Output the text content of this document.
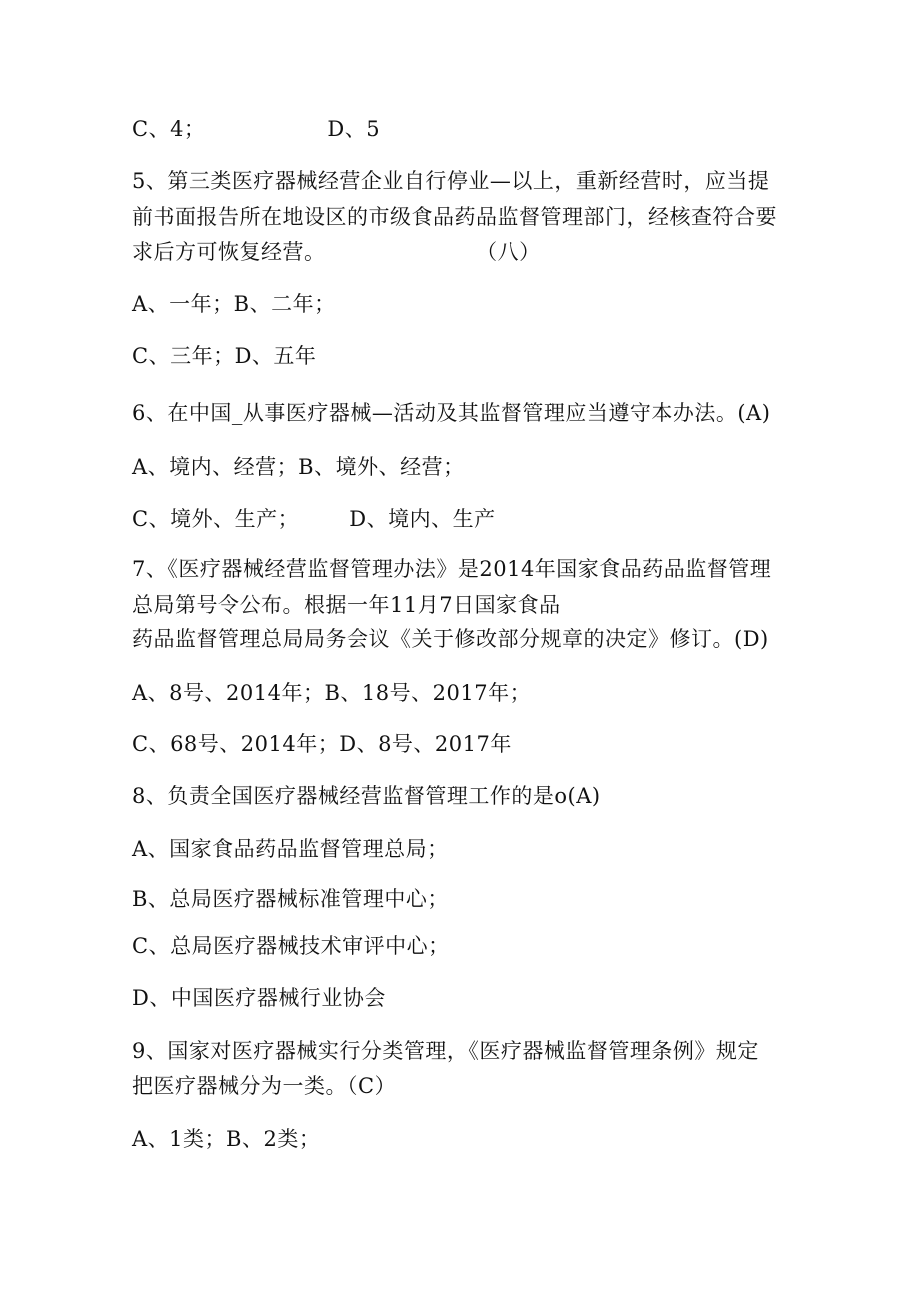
C、4；                 D、5
5、第三类医疗器械经营企业自行停业—以上，重新经营时，应当提
前书面报告所在地设区的市级食品药品监督管理部门，经核查符合要
求后方可恢复经营。                     （八）
A、一年；B、二年；
C、三年；D、五年
6、在中国_从事医疗器械—活动及其监督管理应当遵守本办法。(A)
A、境内、经营；B、境外、经营；
C、境外、生产；       D、境内、生产
7、《医疗器械经营监督管理办法》是2014年国家食品药品监督管理
总局第号令公布。根据一年11月7日国家食品
药品监督管理总局局务会议《关于修改部分规章的决定》修订。(D)
A、8号、2014年；B、18号、2017年；
C、68号、2014年；D、8号、2017年
8、负责全国医疗器械经营监督管理工作的是o(A)
A、国家食品药品监督管理总局；
B、总局医疗器械标准管理中心；
C、总局医疗器械技术审评中心；
D、中国医疗器械行业协会
9、国家对医疗器械实行分类管理，《医疗器械监督管理条例》规定
把医疗器械分为一类。（C）
A、1类；B、2类；
